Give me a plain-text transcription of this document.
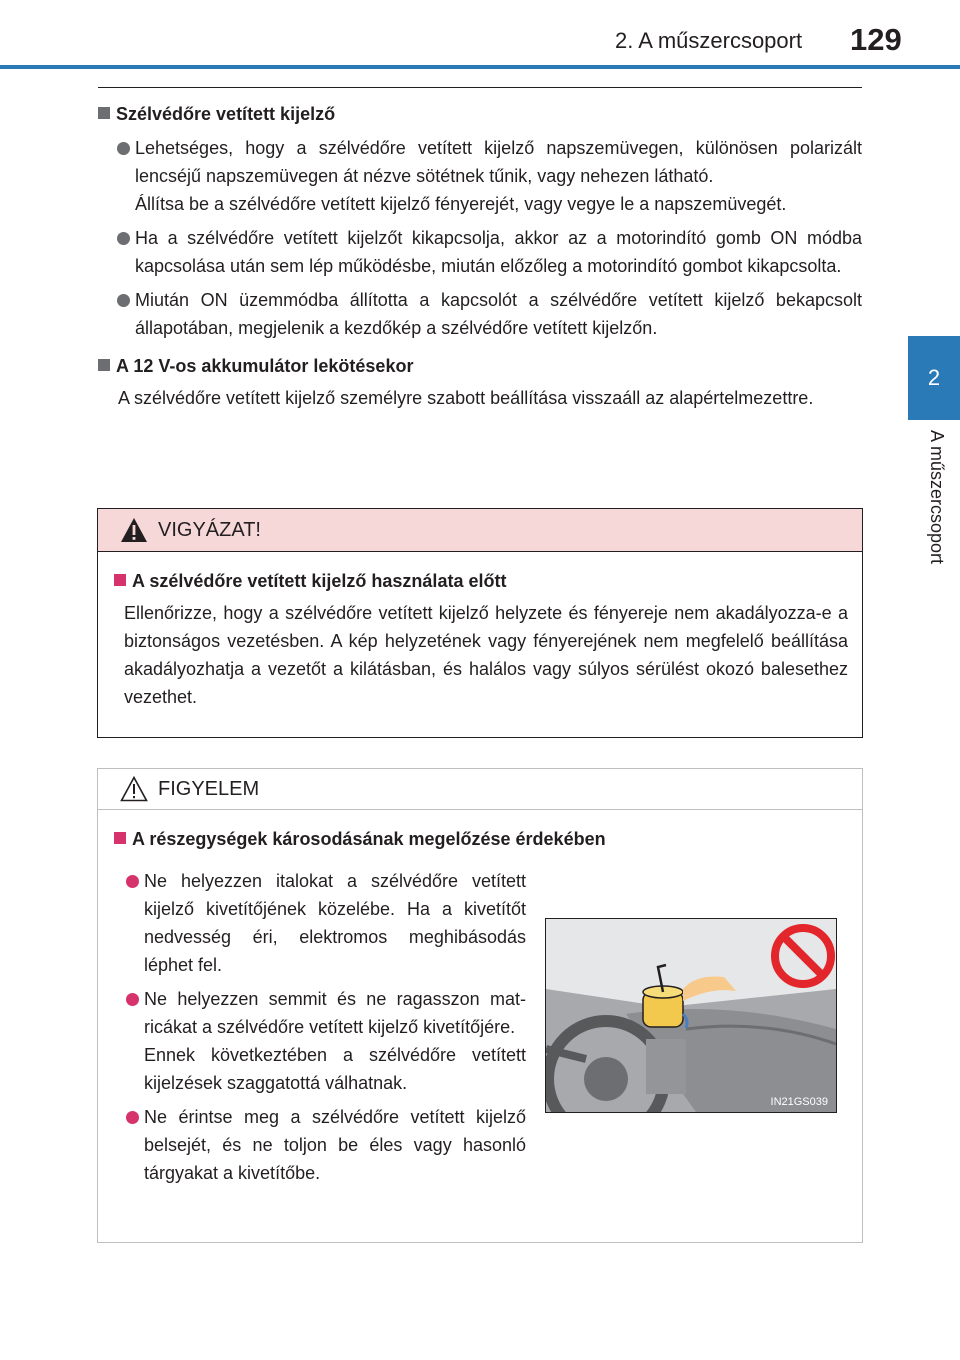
2. A műszercsoport 129
2
A műszercsoport
Szélvédőre vetített kijelző
Lehetséges, hogy a szélvédőre vetített kijelző napszemüvegen, különösen polarizált lencséjű napszemüvegen át nézve sötétnek tűnik, vagy nehezen látható.
Állítsa be a szélvédőre vetített kijelző fényerejét, vagy vegye le a napszemüvegét.
Ha a szélvédőre vetített kijelzőt kikapcsolja, akkor az a motorindító gomb ON módba kapcsolása után sem lép működésbe, miután előzőleg a motorindító gombot kikapcsolta.
Miután ON üzemmódba állította a kapcsolót a szélvédőre vetített kijelző bekapcsolt állapotában, megjelenik a kezdőkép a szélvédőre vetített kijelzőn.
A 12 V-os akkumulátor lekötésekor
A szélvédőre vetített kijelző személyre szabott beállítása visszaáll az alapértelmezettre.
VIGYÁZAT!
A szélvédőre vetített kijelző használata előtt
Ellenőrizze, hogy a szélvédőre vetített kijelző helyzete és fényereje nem akadályozza-e a biztonságos vezetésben. A kép helyzetének vagy fényerejének nem megfelelő beállítása akadályozhatja a vezetőt a kilátásban, és halálos vagy súlyos sérülést okozó balesethez vezethet.
FIGYELEM
A részegységek károsodásának megelőzése érdekében
Ne helyezzen italokat a szélvédőre vetített kijelző kivetítőjének közelébe. Ha a kivetítőt nedvesség éri, elektromos meghibásodás léphet fel.
Ne helyezzen semmit és ne ragasszon matricákat a szélvédőre vetített kijelző kivetítőjére.
Ennek következtében a szélvédőre vetített kijelzések szaggatottá válhatnak.
Ne érintse meg a szélvédőre vetített kijelző belsejét, és ne toljon be éles vagy hasonló tárgyakat a kivetítőbe.
IN21GS039
